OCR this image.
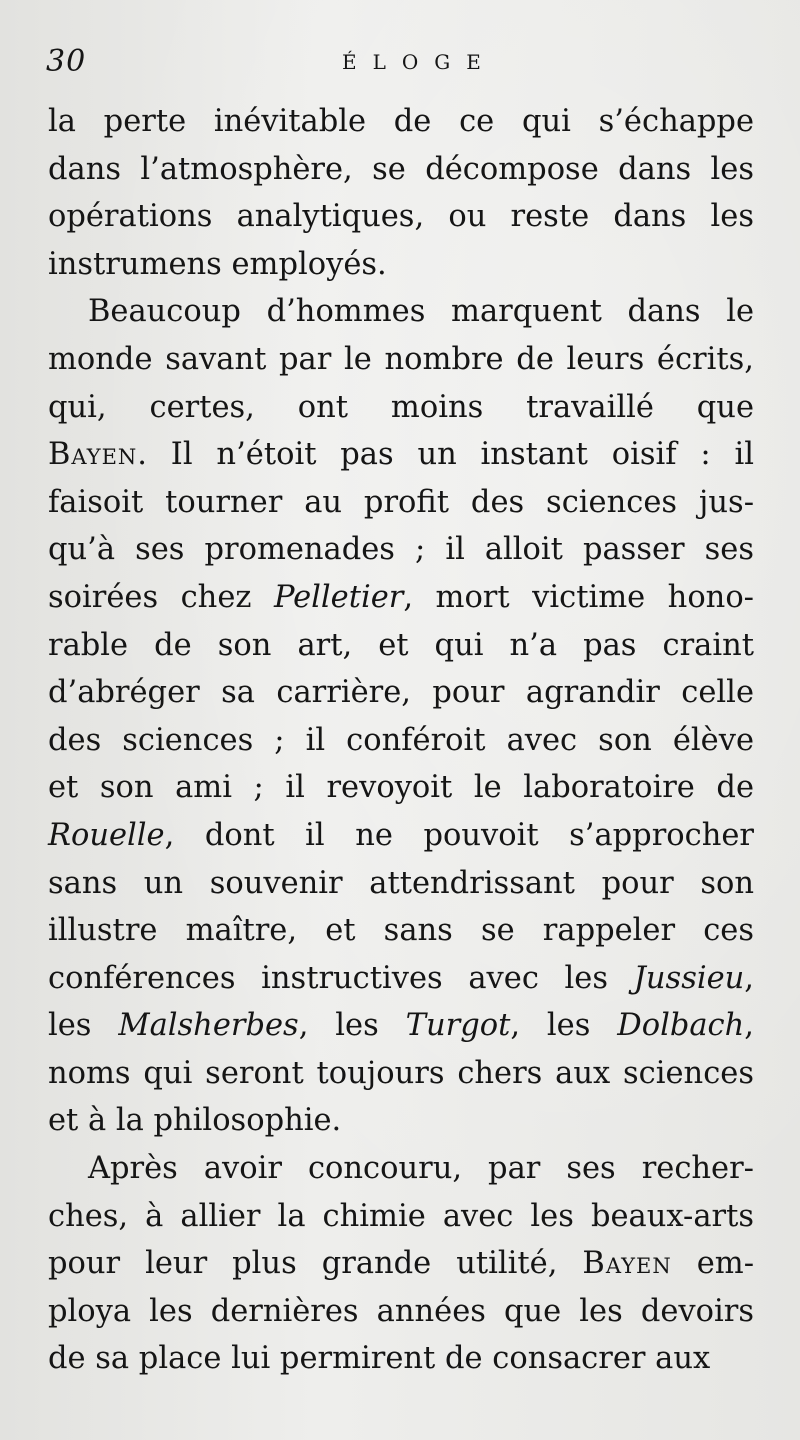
30	ÉLOGE
la perte inévitable de ce qui s’échappe
dans l’atmosphère, se décompose dans les
opérations analytiques, ou reste dans les
instrumens employés.
Beaucoup d’hommes marquent dans le
monde savant par le nombre de leurs écrits,
qui, certes, ont moins travaillé que
Bayen. Il n’étoit pas un instant oisif : il
faisoit tourner au profit des sciences jus-
qu’à ses promenades ; il alloit passer ses
soirées chez Pelletier, mort victime hono-
rable de son art, et qui n’a pas craint
d’abréger sa carrière, pour agrandir celle
des sciences ; il conféroit avec son élève
et son ami ; il revoyoit le laboratoire de
Rouelle, dont il ne pouvoit s’approcher
sans un souvenir attendrissant pour son
illustre maître, et sans se rappeler ces
conférences instructives avec les Jussieu,
les Malsherbes, les Turgot, les Dolbach,
noms qui seront toujours chers aux sciences
et à la philosophie.
Après avoir concouru, par ses recher-
ches, à allier la chimie avec les beaux-arts
pour leur plus grande utilité, Bayen em-
ploya les dernières années que les devoirs
de sa place lui permirent de consacrer aux
